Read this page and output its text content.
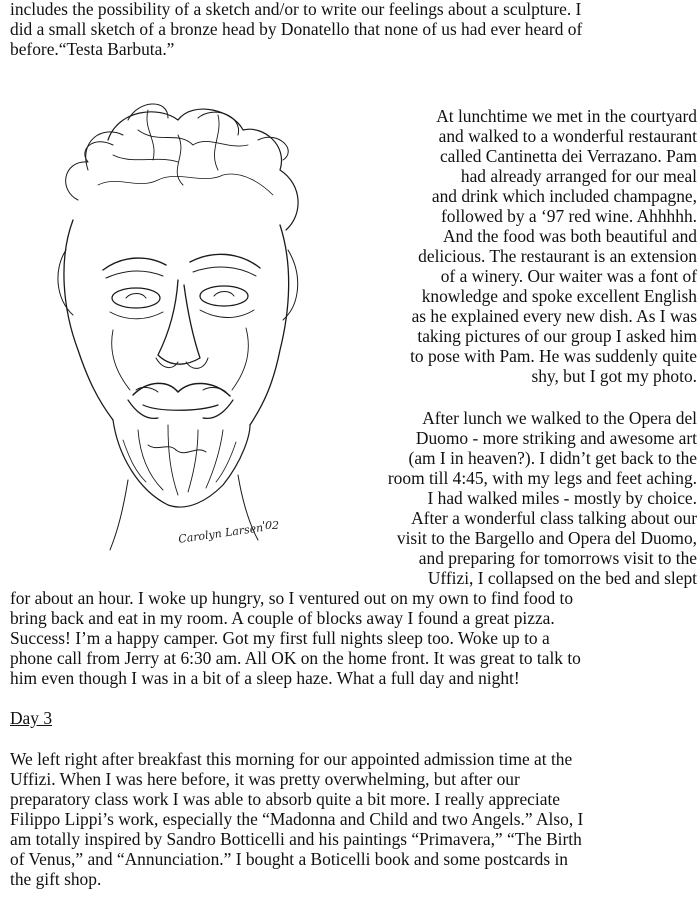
includes the possibility of a sketch and/or to write our feelings about a sculpture. I
did a small sketch of a bronze head by Donatello that none of us had ever heard of
before.“Testa Barbuta.”
Carolyn Larsen
'02
At lunchtime we met in the courtyard
and walked to a wonderful restaurant
called Cantinetta dei Verrazano. Pam
had already arranged for our meal
and drink which included champagne,
followed by a ‘97 red wine. Ahhhhh.
And the food was both beautiful and
delicious. The restaurant is an extension
of a winery. Our waiter was a font of
knowledge and spoke excellent English
as he explained every new dish. As I was
taking pictures of our group I asked him
to pose with Pam. He was suddenly quite
shy, but I got my photo.
After lunch we walked to the Opera del
Duomo - more striking and awesome art
(am I in heaven?). I didn’t get back to the
room till 4:45, with my legs and feet aching.
I had walked miles - mostly by choice.
After a wonderful class talking about our
visit to the Bargello and Opera del Duomo,
and preparing for tomorrows visit to the
Uffizi, I collapsed on the bed and slept
for about an hour. I woke up hungry, so I ventured out on my own to find food to
bring back and eat in my room. A couple of blocks away I found a great pizza.
Success! I’m a happy camper. Got my first full nights sleep too. Woke up to a
phone call from Jerry at 6:30 am. All OK on the home front. It was great to talk to
him even though I was in a bit of a sleep haze. What a full day and night!
Day 3
We left right after breakfast this morning for our appointed admission time at the
Uffizi. When I was here before, it was pretty overwhelming, but after our
preparatory class work I was able to absorb quite a bit more. I really appreciate
Filippo Lippi’s work, especially the “Madonna and Child and two Angels.” Also, I
am totally inspired by Sandro Botticelli and his paintings “Primavera,” “The Birth
of Venus,” and “Annunciation.” I bought a Boticelli book and some postcards in
the gift shop.
